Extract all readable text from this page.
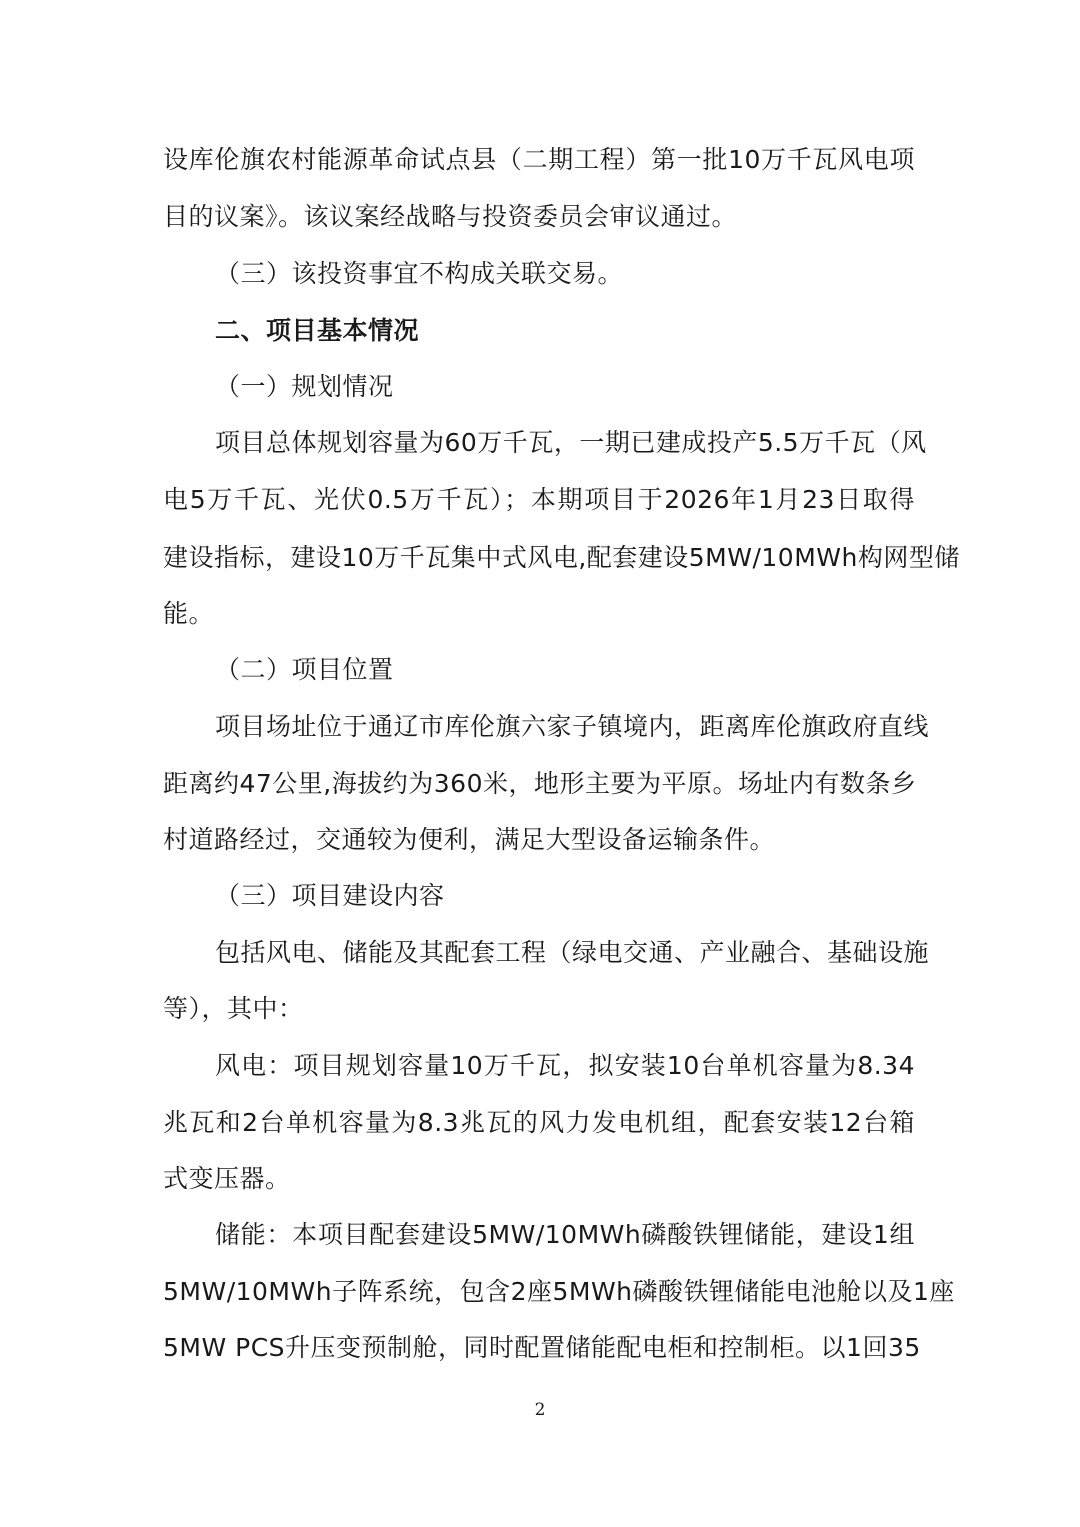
设库伦旗农村能源革命试点县（二期工程）第一批10万千瓦风电项
目的议案》。该议案经战略与投资委员会审议通过。
（三）该投资事宜不构成关联交易。
二、项目基本情况
（一）规划情况
项目总体规划容量为60万千瓦，一期已建成投产5.5万千瓦（风
电5万千瓦、光伏0.5万千瓦）；本期项目于2026年1月23日取得
建设指标，建设10万千瓦集中式风电,配套建设5MW/10MWh构网型储
能。
（二）项目位置
项目场址位于通辽市库伦旗六家子镇境内，距离库伦旗政府直线
距离约47公里,海拔约为360米，地形主要为平原。场址内有数条乡
村道路经过，交通较为便利，满足大型设备运输条件。
（三）项目建设内容
包括风电、储能及其配套工程（绿电交通、产业融合、基础设施
等），其中：
风电：项目规划容量10万千瓦，拟安装10台单机容量为8.34
兆瓦和2台单机容量为8.3兆瓦的风力发电机组，配套安装12台箱
式变压器。
储能：本项目配套建设5MW/10MWh磷酸铁锂储能，建设1组
5MW/10MWh子阵系统，包含2座5MWh磷酸铁锂储能电池舱以及1座
5MW PCS升压变预制舱，同时配置储能配电柜和控制柜。以1回35
2
